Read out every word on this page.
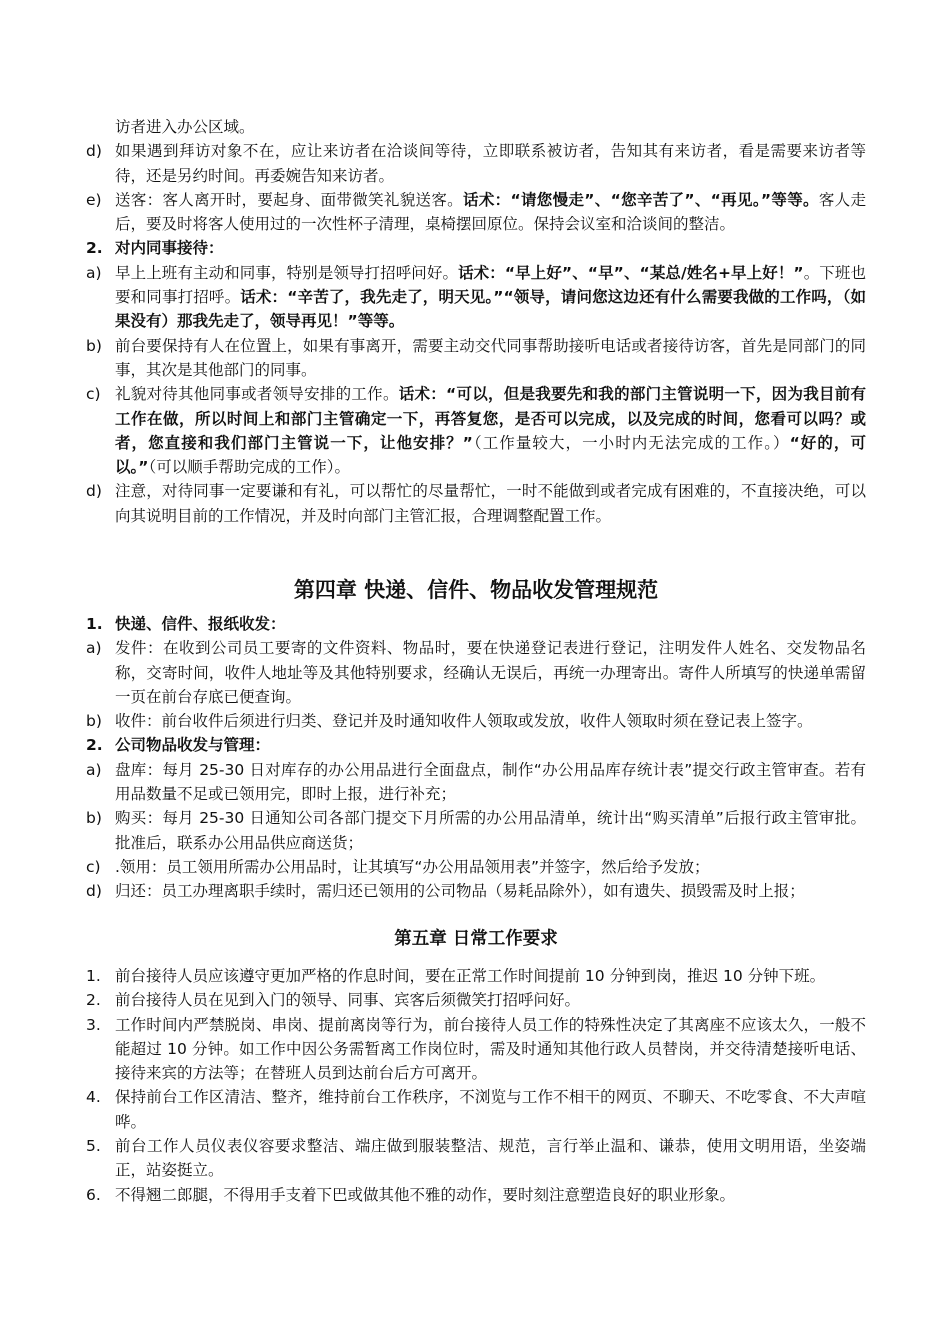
访者进入办公区域。
d) 如果遇到拜访对象不在，应让来访者在洽谈间等待，立即联系被访者，告知其有来访者，看是需要来访者等待，还是另约时间。再委婉告知来访者。
e) 送客：客人离开时，要起身、面带微笑礼貌送客。话术：“请您慢走”、“您辛苦了”、“再见。”等等。客人走后，要及时将客人使用过的一次性杯子清理，桌椅摆回原位。保持会议室和洽谈间的整洁。
2. 对内同事接待：
a) 早上上班有主动和同事，特别是领导打招呼问好。话术：“早上好”、“早”、“某总/姓名+早上好！”。下班也要和同事打招呼。话术：“辛苦了，我先走了，明天见。”“领导，请问您这边还有什么需要我做的工作吗，（如果没有）那我先走了，领导再见！”等等。
b) 前台要保持有人在位置上，如果有事离开，需要主动交代同事帮助接听电话或者接待访客，首先是同部门的同事，其次是其他部门的同事。
c) 礼貌对待其他同事或者领导安排的工作。话术：“可以，但是我要先和我的部门主管说明一下，因为我目前有工作在做，所以时间上和部门主管确定一下，再答复您，是否可以完成，以及完成的时间，您看可以吗？或者，您直接和我们部门主管说一下，让他安排？”（工作量较大，一小时内无法完成的工作。）“好的，可以。”（可以顺手帮助完成的工作）。
d) 注意，对待同事一定要谦和有礼，可以帮忙的尽量帮忙，一时不能做到或者完成有困难的，不直接决绝，可以向其说明目前的工作情况，并及时向部门主管汇报，合理调整配置工作。
第四章 快递、信件、物品收发管理规范
1. 快递、信件、报纸收发：
a) 发件：在收到公司员工要寄的文件资料、物品时，要在快递登记表进行登记，注明发件人姓名、交发物品名称，交寄时间，收件人地址等及其他特别要求，经确认无误后，再统一办理寄出。寄件人所填写的快递单需留一页在前台存底已便查询。
b) 收件：前台收件后须进行归类、登记并及时通知收件人领取或发放，收件人领取时须在登记表上签字。
2. 公司物品收发与管理：
a) 盘库：每月 25-30 日对库存的办公用品进行全面盘点，制作“办公用品库存统计表”提交行政主管审查。若有用品数量不足或已领用完，即时上报，进行补充；
b) 购买：每月 25-30 日通知公司各部门提交下月所需的办公用品清单，统计出“购买清单”后报行政主管审批。批准后，联系办公用品供应商送货；
c) .领用：员工领用所需办公用品时，让其填写“办公用品领用表”并签字，然后给予发放；
d) 归还：员工办理离职手续时，需归还已领用的公司物品（易耗品除外），如有遗失、损毁需及时上报；
第五章 日常工作要求
1. 前台接待人员应该遵守更加严格的作息时间，要在正常工作时间提前 10 分钟到岗，推迟 10 分钟下班。
2. 前台接待人员在见到入门的领导、同事、宾客后须微笑打招呼问好。
3. 工作时间内严禁脱岗、串岗、提前离岗等行为，前台接待人员工作的特殊性决定了其离座不应该太久，一般不能超过 10 分钟。如工作中因公务需暂离工作岗位时，需及时通知其他行政人员替岗，并交待清楚接听电话、接待来宾的方法等；在替班人员到达前台后方可离开。
4. 保持前台工作区清洁、整齐，维持前台工作秩序，不浏览与工作不相干的网页、不聊天、不吃零食、不大声喧哗。
5. 前台工作人员仪表仪容要求整洁、端庄做到服装整洁、规范，言行举止温和、谦恭，使用文明用语，坐姿端正，站姿挺立。
6. 不得翘二郎腿，不得用手支着下巴或做其他不雅的动作，要时刻注意塑造良好的职业形象。
